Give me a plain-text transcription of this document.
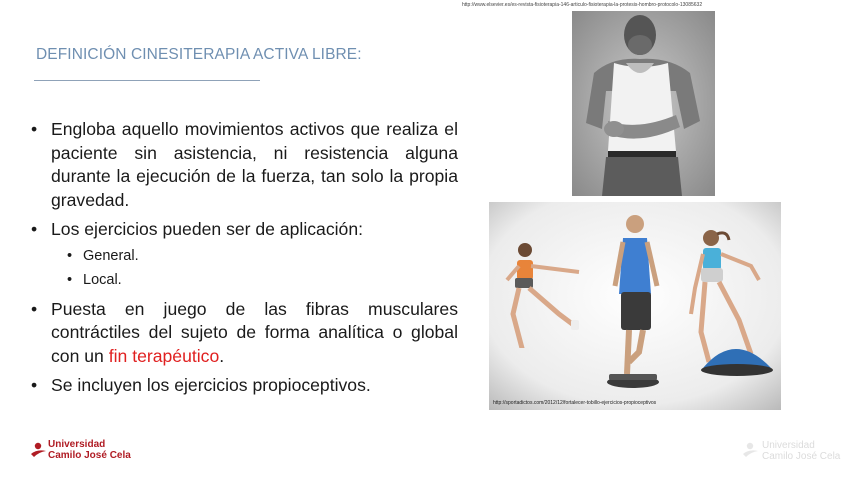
http://www.elsevier.es/es-revista-fisioterapia-146-articulo-fisioterapia-la-protesis-hombro-protocolo-13085632
DEFINICIÓN CINESITERAPIA ACTIVA LIBRE:
• Engloba aquello movimientos activos que realiza el paciente sin asistencia, ni resistencia alguna durante la ejecución de la fuerza, tan solo la propia gravedad.
• Los ejercicios pueden ser de aplicación:
• General.
• Local.
• Puesta en juego de las fibras musculares contráctiles del sujeto de forma analítica o global con un fin terapéutico.
• Se incluyen los ejercicios propioceptivos.
http://sportadictos.com/2012/12/fortalecer-tobillo-ejercicios-propioceptivos
Universidad
Camilo José Cela
Universidad
Camilo José Cela
